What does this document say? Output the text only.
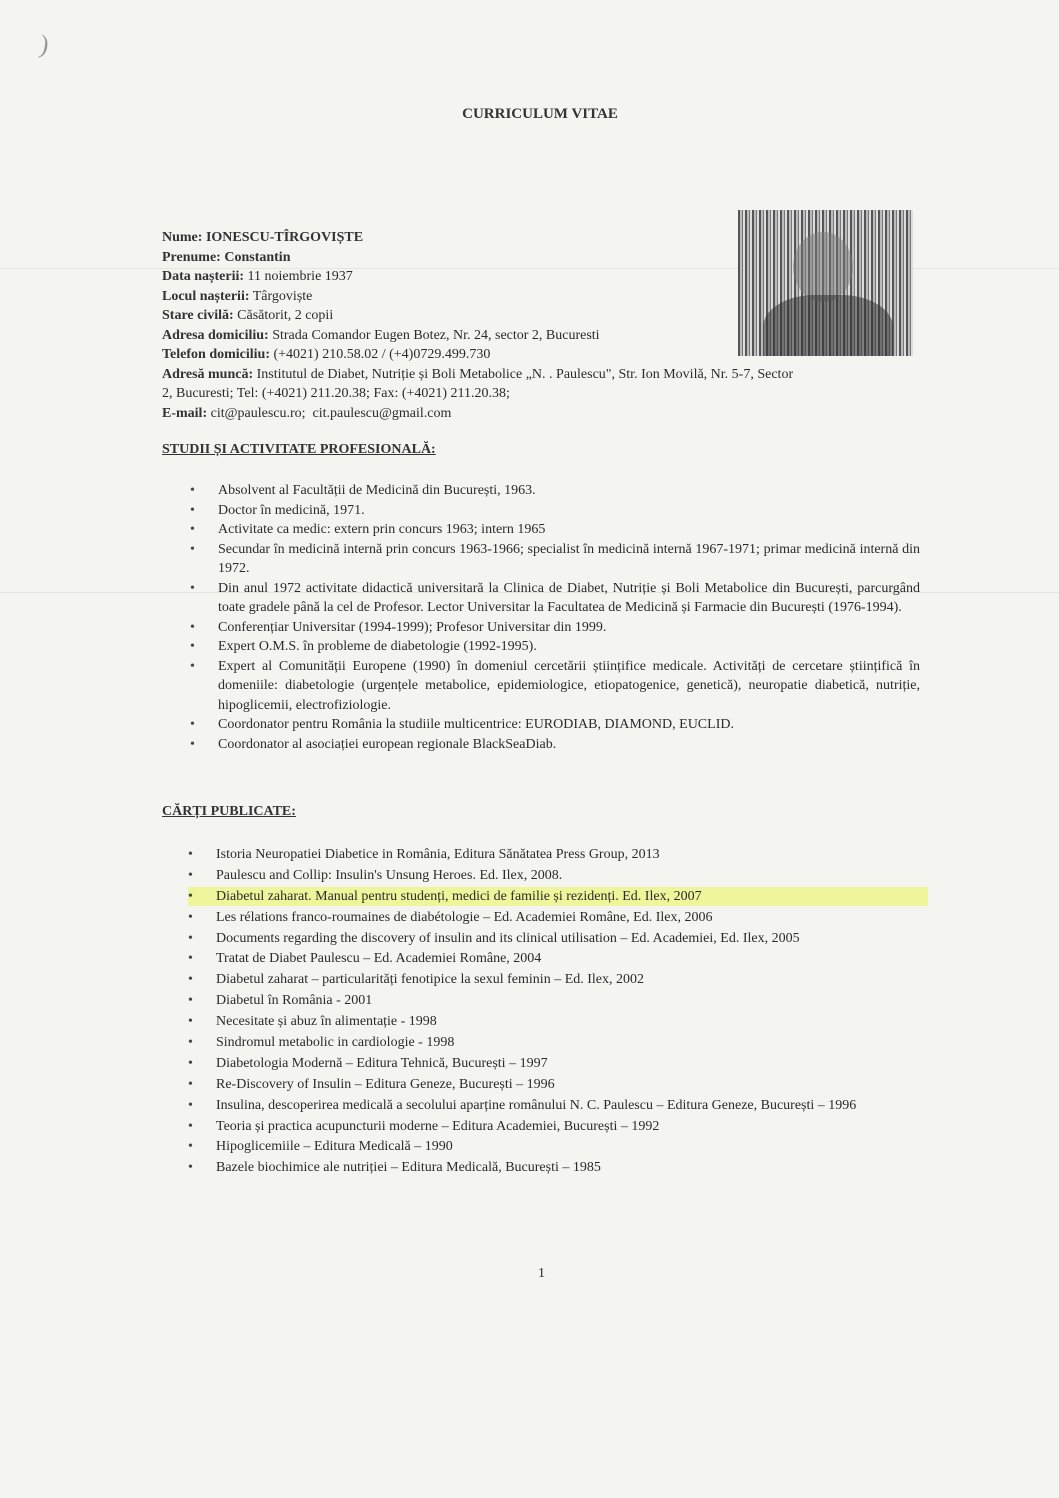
)
CURRICULUM VITAE
Nume: IONESCU-TÎRGOVIȘTE
Prenume: Constantin
Data nașterii: 11 noiembrie 1937
Locul nașterii: Târgoviște
Stare civilă: Căsătorit, 2 copii
Adresa domiciliu: Strada Comandor Eugen Botez, Nr. 24, sector 2, Bucuresti
Telefon domiciliu: (+4021) 210.58.02 / (+4)0729.499.730
Adresă muncă: Institutul de Diabet, Nutriție și Boli Metabolice „N. . Paulescu", Str. Ion Movilă, Nr. 5-7, Sector 2, Bucuresti; Tel: (+4021) 211.20.38; Fax: (+4021) 211.20.38;
E-mail: cit@paulescu.ro; cit.paulescu@gmail.com
STUDII ȘI ACTIVITATE PROFESIONALĂ:
• Absolvent al Facultății de Medicină din București, 1963.
• Doctor în medicină, 1971.
• Activitate ca medic: extern prin concurs 1963; intern 1965
• Secundar în medicină internă prin concurs 1963-1966; specialist în medicină internă 1967-1971; primar medicină internă din 1972.
• Din anul 1972 activitate didactică universitară la Clinica de Diabet, Nutriție și Boli Metabolice din București, parcurgând toate gradele până la cel de Profesor. Lector Universitar la Facultatea de Medicină și Farmacie din București (1976-1994).
• Conferențiar Universitar (1994-1999); Profesor Universitar din 1999.
• Expert O.M.S. în probleme de diabetologie (1992-1995).
• Expert al Comunității Europene (1990) în domeniul cercetării științifice medicale. Activități de cercetare științifică în domeniile: diabetologie (urgențele metabolice, epidemiologice, etiopatogenice, genetică), neuropatie diabetică, nutriție, hipoglicemii, electrofiziologie.
• Coordonator pentru România la studiile multicentrice: EURODIAB, DIAMOND, EUCLID.
• Coordonator al asociației european regionale BlackSeaDiab.
CĂRȚI PUBLICATE:
• Istoria Neuropatiei Diabetice in România, Editura Sănătatea Press Group, 2013
• Paulescu and Collip: Insulin's Unsung Heroes. Ed. Ilex, 2008.
• Diabetul zaharat. Manual pentru studenți, medici de familie și rezidenți. Ed. Ilex, 2007
• Les rélations franco-roumaines de diabétologie – Ed. Academiei Române, Ed. Ilex, 2006
• Documents regarding the discovery of insulin and its clinical utilisation – Ed. Academiei, Ed. Ilex, 2005
• Tratat de Diabet Paulescu – Ed. Academiei Române, 2004
• Diabetul zaharat – particularități fenotipice la sexul feminin – Ed. Ilex, 2002
• Diabetul în România - 2001
• Necesitate și abuz în alimentație - 1998
• Sindromul metabolic in cardiologie - 1998
• Diabetologia Modernă – Editura Tehnică, București – 1997
• Re-Discovery of Insulin – Editura Geneze, București – 1996
• Insulina, descoperirea medicală a secolului aparține românului N. C. Paulescu – Editura Geneze, București – 1996
• Teoria și practica acupuncturii moderne – Editura Academiei, București – 1992
• Hipoglicemiile – Editura Medicală – 1990
• Bazele biochimice ale nutriției – Editura Medicală, București – 1985
1
